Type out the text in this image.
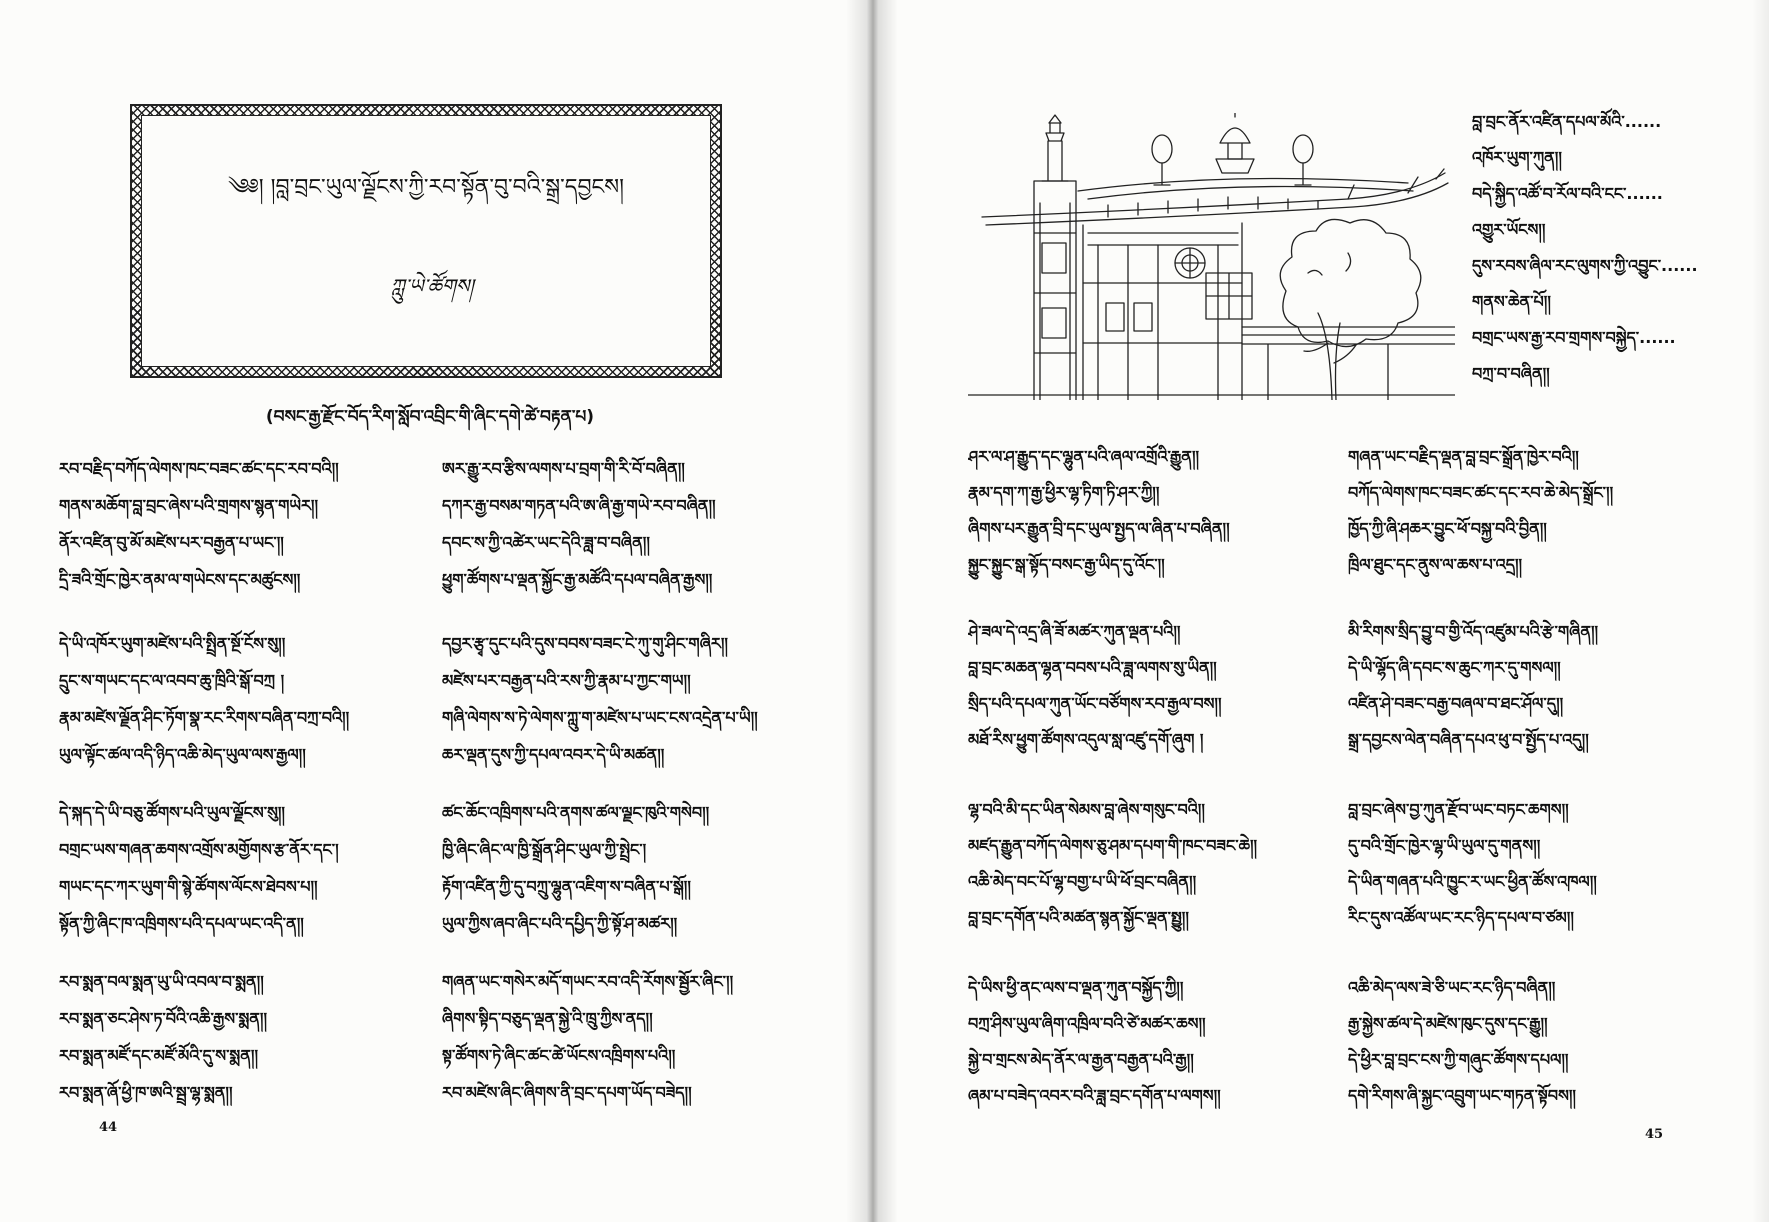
༄༅། །བླ་བྲང་ཡུལ་ལྗོངས་ཀྱི་རབ་སྟོན་བུ་བའི་སྒྲ་དབྱངས།
ཀླུ་ཡེ་ཚོགས།
(བསང་རྒྱ་རྫོང་བོད་རིག་སློབ་འབྲིང་གི་ཞིང་དགེ་ཚེ་བརྟན་པ)
རབ་བརྗིད་བཀོད་ལེགས་ཁང་བཟང་ཚང་དང་རབ་བའི།།
གནས་མཆོག་བླ་བྲང་ཞེས་པའི་གྲགས་སྙན་གཡེར།།
ནོར་འཛིན་བུ་མོ་མཛེས་པར་བརྒྱན་པ་ཡང་།།
དྲི་ཟའི་གྲོང་ཁྱེར་ནམ་ལ་གཡེངས་དང་མཚུངས།།
ཨར་རྒྱུ་རབ་རྩིས་ལགས་པ་བྲག་གི་རི་བོ་བཞིན།།
དཀར་རྒྱ་བསམ་གཏན་པའི་ཨ་ཞི་རྒྱ་གཡེ་རབ་བཞིན།།
དབང་ས་ཀྱི་འཚེར་ཡང་དེའི་ཟླ་བ་བཞིན།།
ཕྱུག་ཚོགས་པ་ལྡན་སྐྱོང་རྒྱ་མཚོའི་དཔལ་བཞིན་རྒྱས།།
དེ་ཡི་འཁོར་ཡུག་མཛེས་པའི་སྤྲིན་སྔོ་ངོས་སུ།།
དྲུང་ས་གཡང་དང་ལ་འབབ་ཆུ་ཁྲིའི་སྒོ་བཀྲ །
རྣམ་མཛེས་ལྗོན་ཤིང་ཏོག་སྣ་རང་རིགས་བཞིན་བཀྲ་བའི།།
ཡུལ་ལྟོང་ཚལ་འདི་ཉིད་འཆི་མེད་ཡུལ་ལས་རྒྱལ།།
དབྱར་རྩྭ་དུང་པའི་དུས་བབས་བཟང་ངེ་ཀུ་གུ་ཤིང་གཞིར།།
མཛེས་པར་བརྒྱན་པའི་རས་ཀྱི་རྣམ་པ་ཀྱང་གཡ།།
གཞི་ལེགས་ས་ཏེ་ལེགས་ཀླུ་ག་མཛེས་པ་ཡང་ངས་འདྲེན་པ་ཡི།།
ཆར་ལྡན་དུས་ཀྱི་དཔལ་འབར་དེ་ཡི་མཚན།།
དེ་སྐད་དེ་ཡི་བཅུ་ཚོགས་པའི་ཡུལ་ལྗོངས་སུ།།
བགྲང་ཡས་གཞན་ཆགས་འགྲོས་མགྱོགས་རྩ་ནོར་དང་།
གཡང་དང་ཀར་ཡུག་གི་སྙེ་ཚོགས་ལོངས་ཐེབས་པ།།
སྟོན་ཀྱི་ཞིང་ཁ་འཁྲིགས་པའི་དཔལ་ཡང་འདི་ན།།
ཚང་ཆོང་འཁྲིགས་པའི་ནགས་ཚལ་ལྗང་ཁུའི་གསེབ།།
ཁྱི་ཞིང་ཞིང་ལ་ཁྱི་སྒྲོན་ཤིང་ཡུལ་ཀྱི་སྤྲེང་།
རྟོག་འཛིན་ཀྱི་དུ་བཀྲུ་ལྷུན་འཇིག་ས་བཞིན་པ་སྒོ།།
ཡུལ་ཀྱིས་ཞབ་ཞིང་པའི་དཔྱིད་ཀྱི་སྟོ་ཤ་མཚར།།
རབ་སྨན་བལ་སྨན་ཡུ་ཡི་འབལ་བ་སྨན།།
རབ་སྨན་ཅང་ཤེས་ཏ་བོའི་འཆི་རྒྱས་སྨན།།
རབ་སྨན་མཛོ་དང་མཛོ་མོའི་དུ་ས་སྨན།།
རབ་སྨན་ཞོ་ཕྱི་ཁ་ཨའི་སྦྲ་ལྷ་སྨན།།
གཞན་ཡང་གསེར་མདོ་གཡང་རབ་འདི་རོགས་སྦྱོར་ཞིང་།།
ཞིགས་སྟིད་བཅུད་ལྡན་སྐྱེ་འི་ཁྲུ་ཀྱིས་ནད།།
སྟ་ཚོགས་ཏེ་ཞིང་ཚང་ཚེ་ཡོངས་འཁྲིགས་པའི།།
རབ་མཛེས་ཞིང་ཞིགས་ནི་བྲང་དཔག་ཡོད་བཟེད།།
44
བླ་བྲང་ནོར་འཛིན་དཔལ་མོའི་......
འཁོར་ཡུག་ཀུན།།
བདེ་སྐྱིད་འཚོ་བ་རོལ་བའི་ངང་......
འགྱུར་ཡོངས།།
དུས་རབས་ཞིལ་རང་ལུགས་ཀྱི་འབྱུང་......
གནས་ཆེན་པོ།།
བགྲང་ཡས་རྒྱ་རབ་གྲགས་བསྐྱེད་......
བཀྲ་བ་བཞིན།།
ཤར་ལ་ཤ་རྒྱུད་དང་ལྷུན་པའི་ཞལ་འགྲོའི་རྒྱུན།།
རྣམ་དག་ཀ་རྒྱ་ཕྱིར་ལྷ་ཏིག་ཏི་ཤར་ཀྱི།།
ཞིགས་པར་རྒྱུན་བྲི་དང་ཡུལ་སྤྱད་ལ་ཞིན་པ་བཞིན།།
སྐྱུང་སྐྱུང་སྒ་སྟོད་བསང་རྒྱ་ཡིད་དུ་འོང་།།
གཞན་ཡང་བརྗིད་ལྡན་བླ་བྲང་སྒྲོན་ཁྱེར་བའི།།
བཀོད་ལེགས་ཁང་བཟང་ཚང་དང་རབ་ཆེ་མེད་སྒྲོང་།།
ཁྱོད་ཀྱི་ཞི་ཤཆར་བྱུང་ཕོ་བསྐྱ་བའི་བྱིན།།
ཁྲིལ་ཐུང་དང་ནུས་ལ་ཆས་པ་འདྲ།།
ཤེ་ཟལ་དེ་འདྲ་ཞི་ཟོ་མཚར་ཀུན་ལྡན་པའི།།
བླ་བྲང་མཆན་ལྷན་བབས་པའི་ཟླ་ལགས་སུ་ཡིན།།
སྲིད་པའི་དཔལ་ཀུན་ཡོང་བཙོགས་རབ་རྒྱལ་བས།།
མཐོ་རིས་ཕྱུག་ཚོགས་འདུལ་སླ་འཛུ་དགོ་ཞུག །
མི་རིགས་སྲིད་བྱུ་བ་གྱི་འོད་འཛུམ་པའི་རྩེ་གཞིན།།
དེ་ཡི་ལྷོད་ཞི་དབང་ས་ཆུང་ཀར་དུ་གསལ།།
འཛིན་ཤེ་བཟང་བརྒྱ་བཞལ་བ་ཐང་ཤོལ་དུ།།
སྒྲ་དབྱངས་ལེན་བཞིན་དཔའ་ཕུ་བ་སྤྱོད་པ་འདུ།།
ལྷ་བའི་མི་དང་ཡིན་སེམས་བླ་ཞེས་གསུང་བའི།།
མཛད་རྒྱུན་བཀོད་ལེགས་ཅུ་ཤམ་དཔག་གི་ཁང་བཟང་ཆེ།།
འཆི་མེད་བང་པོ་ལྷ་བགྱ་པ་ཡི་ཕོ་བྲང་བཞིན།།
བླ་བྲང་དགོན་པའི་མཚན་སྙན་སྐྱོང་ལྡན་སྤྱུ།།
བླ་བྲང་ཞེས་བྱ་ཀུན་རྫོབ་ཡང་བཏང་ཆགས།།
དུ་བའི་གྲོང་ཁྱེར་ལྷ་ཡི་ཡུལ་དུ་གནས།།
དེ་ཡིན་གཞན་པའི་ཁྱུང་ར་ཡང་ཕྱིན་ཚོས་འཁལ།།
རིང་དུས་འཚོལ་ཡང་རང་ཉིད་དཔལ་བ་ཙམ།།
དེ་ཡིས་ཕྱི་ནང་ལས་བ་ལྡན་ཀུན་བསྐྱོད་ཀྱི།།
བཀྲ་ཤིས་ཡུལ་ཞིག་འཁྲིལ་བའི་ཙེ་མཚར་ཆས།།
སྐྱེ་བ་གྲངས་མེད་ནོར་ལ་རྒྱན་བརྒྱན་པའི་རྒྱ།།
ཞམ་པ་བཟེད་འབར་བའི་ཟླ་བྲང་དགོན་པ་ལགས།།
འཆི་མེད་ལས་ཟེ་ཅི་ཡང་རང་ཉིད་བཞིན།།
རྒྱ་སྐྱེས་ཚལ་དེ་མཛེས་ཁུང་དུས་དང་རྒྱུ།།
དེ་ཕྱིར་བླ་བྲང་ངས་ཀྱི་གཞུང་ཚོགས་དཔལ།།
དགེ་རིགས་ཞི་སྐྱང་འབྲུག་ཡང་གཏན་སྟོབས།།
45
